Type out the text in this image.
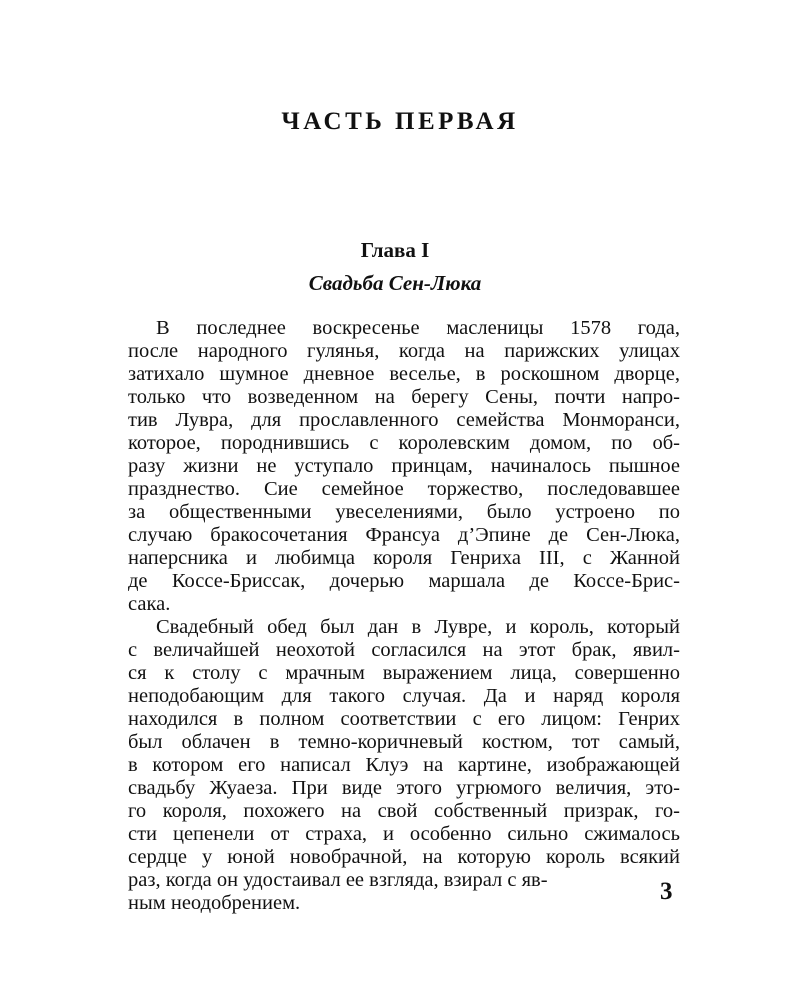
ЧАСТЬ ПЕРВАЯ
Глава I
Свадьба Сен-Люка
В последнее воскресенье масленицы 1578 года,
после народного гулянья, когда на парижских улицах
затихало шумное дневное веселье, в роскошном дворце,
только что возведенном на берегу Сены, почти напро-
тив Лувра, для прославленного семейства Монморанси,
которое, породнившись с королевским домом, по об-
разу жизни не уступало принцам, начиналось пышное
празднество. Сие семейное торжество, последовавшее
за общественными увеселениями, было устроено по
случаю бракосочетания Франсуа д’Эпине де Сен-Люка,
наперсника и любимца короля Генриха III, с Жанной
де Коссе-Бриссак, дочерью маршала де Коссе-Брис-
сака.
Свадебный обед был дан в Лувре, и король, который
с величайшей неохотой согласился на этот брак, явил-
ся к столу с мрачным выражением лица, совершенно
неподобающим для такого случая. Да и наряд короля
находился в полном соответствии с его лицом: Генрих
был облачен в темно-коричневый костюм, тот самый,
в котором его написал Клуэ на картине, изображающей
свадьбу Жуаеза. При виде этого угрюмого величия, это-
го короля, похожего на свой собственный призрак, го-
сти цепенели от страха, и особенно сильно сжималось
сердце у юной новобрачной, на которую король всякий
раз, когда он удостаивал ее взгляда, взирал с яв-
ным неодобрением.	3
